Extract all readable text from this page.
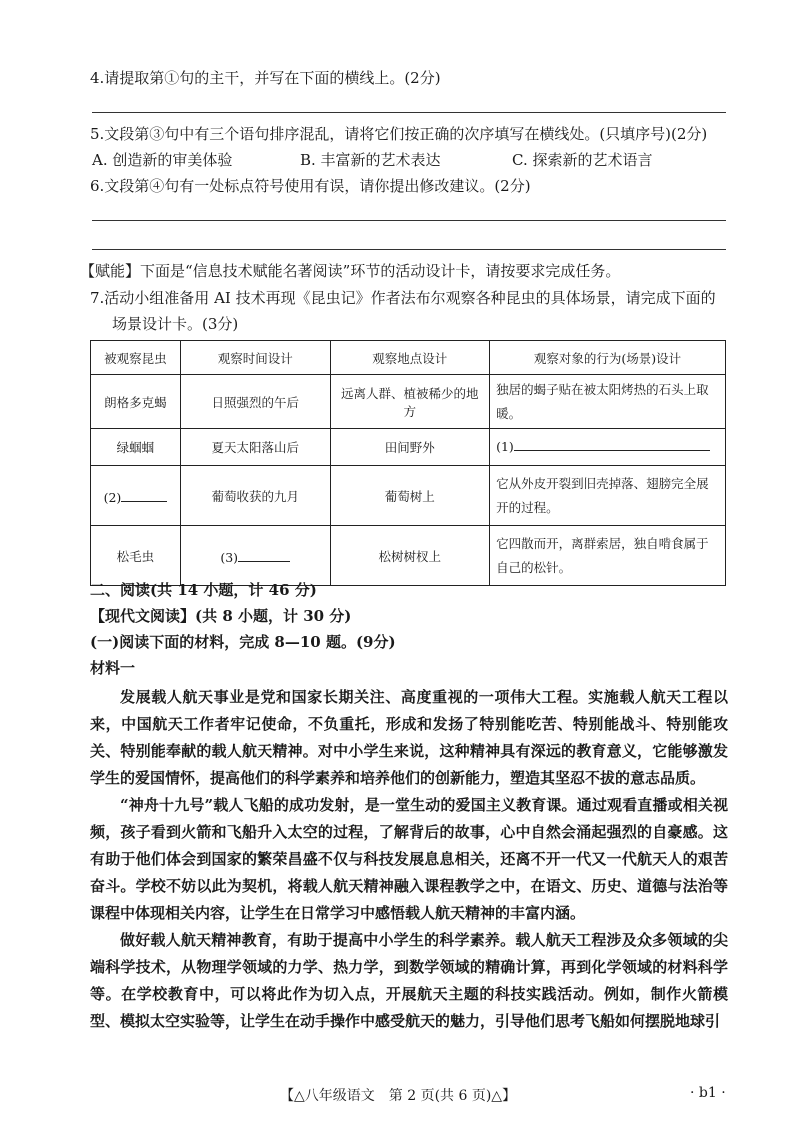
4.请提取第①句的主干，并写在下面的横线上。(2分)
5.文段第③句中有三个语句排序混乱，请将它们按正确的次序填写在横线处。(只填序号)(2分)
A. 创造新的审美体验	B. 丰富新的艺术表达	C. 探索新的艺术语言
6.文段第④句有一处标点符号使用有误，请你提出修改建议。(2分)
【赋能】下面是“信息技术赋能名著阅读”环节的活动设计卡，请按要求完成任务。
7.活动小组准备用 AI 技术再现《昆虫记》作者法布尔观察各种昆虫的具体场景，请完成下面的
场景设计卡。(3分)
被观察昆虫	观察时间设计	观察地点设计	观察对象的行为(场景)设计
朗格多克蝎	日照强烈的午后	远离人群、植被稀少的地方	独居的蝎子贴在被太阳烤热的石头上取暖。
绿蝈蝈	夏天太阳落山后	田间野外	(1)
(2)	葡萄收获的九月	葡萄树上	它从外皮开裂到旧壳掉落、翅膀完全展开的过程。
松毛虫	(3)	松树树杈上	它四散而开，离群索居，独自啃食属于自己的松针。
二、阅读(共 14 小题，计 46 分)
【现代文阅读】(共 8 小题，计 30 分)
(一)阅读下面的材料，完成 8—10 题。(9分)
材料一

发展载人航天事业是党和国家长期关注、高度重视的一项伟大工程。实施载人航天工程以来，中国航天工作者牢记使命，不负重托，形成和发扬了特别能吃苦、特别能战斗、特别能攻关、特别能奉献的载人航天精神。对中小学生来说，这种精神具有深远的教育意义，它能够激发学生的爱国情怀，提高他们的科学素养和培养他们的创新能力，塑造其坚忍不拔的意志品质。

“神舟十九号”载人飞船的成功发射，是一堂生动的爱国主义教育课。通过观看直播或相关视频，孩子看到火箭和飞船升入太空的过程，了解背后的故事，心中自然会涌起强烈的自豪感。这有助于他们体会到国家的繁荣昌盛不仅与科技发展息息相关，还离不开一代又一代航天人的艰苦奋斗。学校不妨以此为契机，将载人航天精神融入课程教学之中，在语文、历史、道德与法治等课程中体现相关内容，让学生在日常学习中感悟载人航天精神的丰富内涵。

做好载人航天精神教育，有助于提高中小学生的科学素养。载人航天工程涉及众多领域的尖端科学技术，从物理学领域的力学、热力学，到数学领域的精确计算，再到化学领域的材料科学等。在学校教育中，可以将此作为切入点，开展航天主题的科技实践活动。例如，制作火箭模型、模拟太空实验等，让学生在动手操作中感受航天的魅力，引导他们思考飞船如何摆脱地球引

【△八年级语文　第 2 页(共 6 页)△】	· b1 ·
